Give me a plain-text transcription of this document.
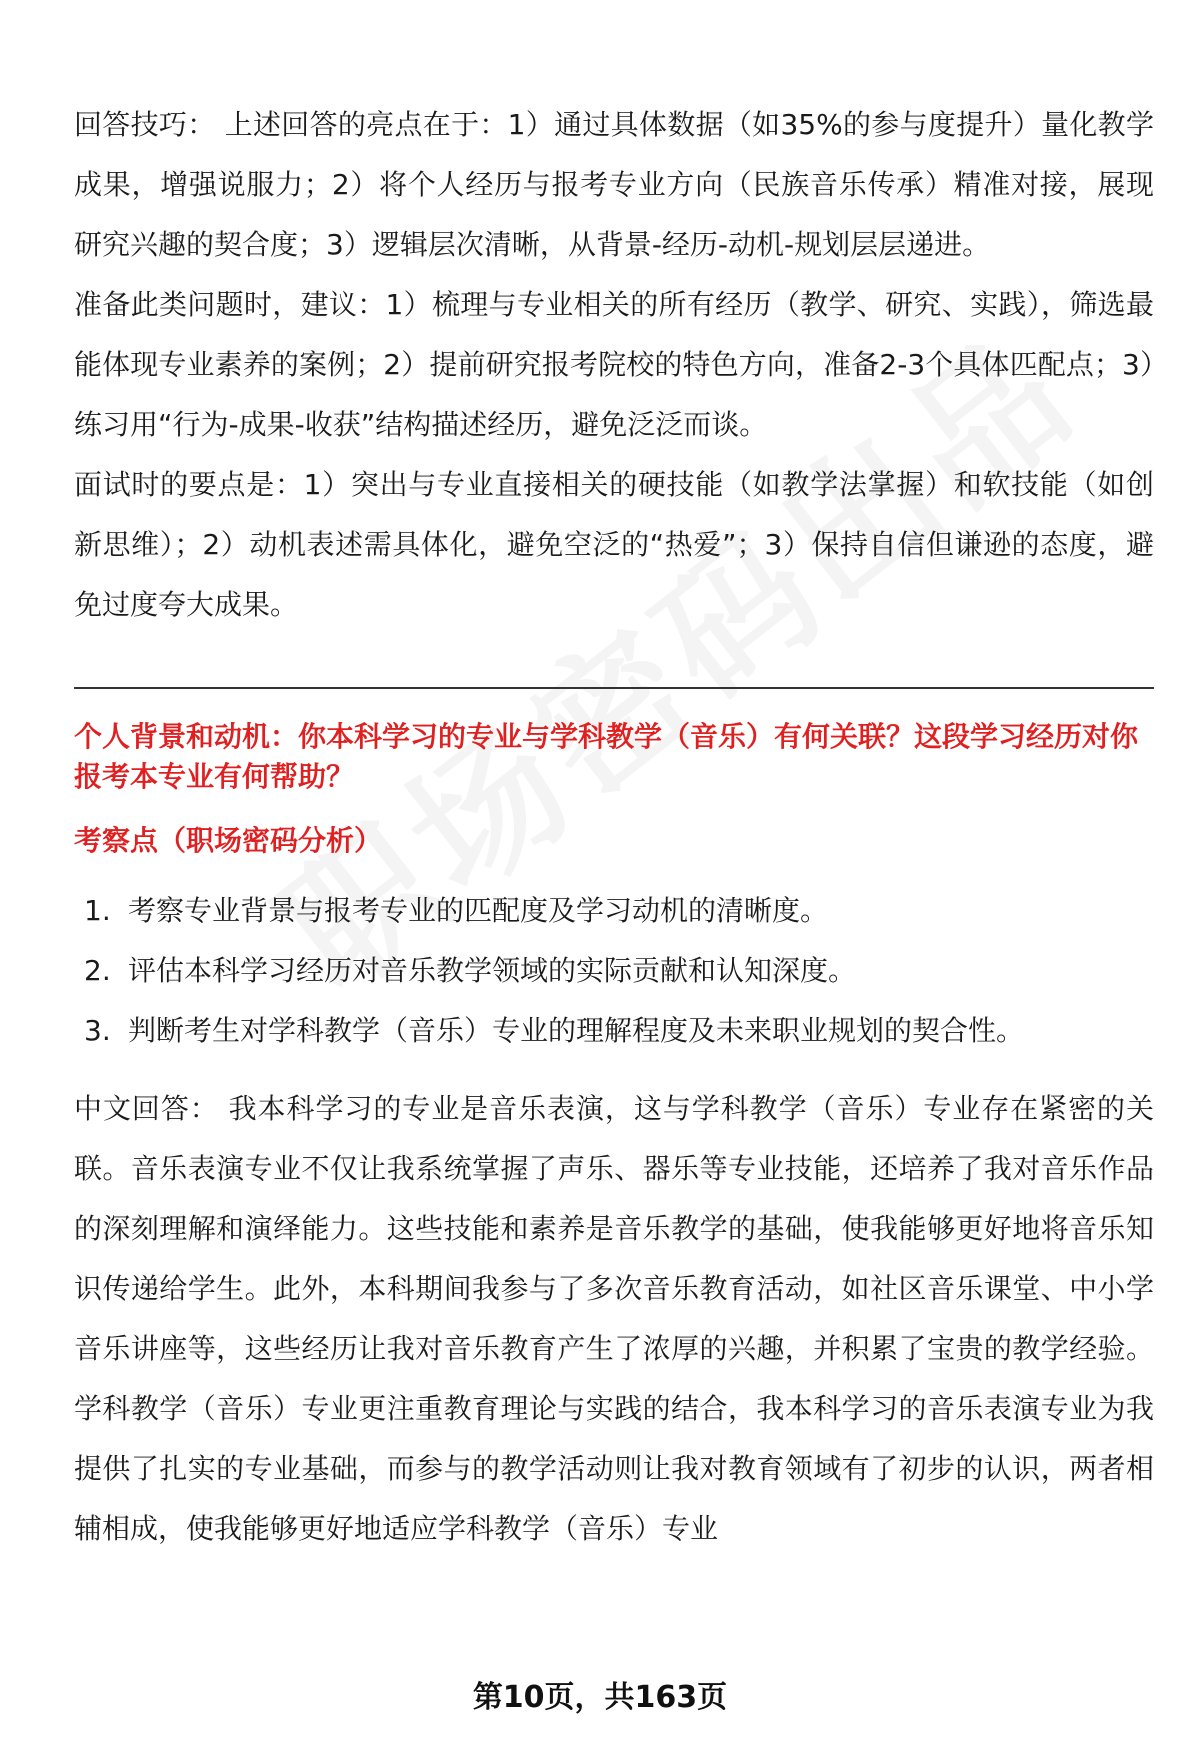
回答技巧： 上述回答的亮点在于：1）通过具体数据（如35%的参与度提升）量化教学成果，增强说服力；2）将个人经历与报考专业方向（民族音乐传承）精准对接，展现研究兴趣的契合度；3）逻辑层次清晰，从背景-经历-动机-规划层层递进。

准备此类问题时，建议：1）梳理与专业相关的所有经历（教学、研究、实践），筛选最能体现专业素养的案例；2）提前研究报考院校的特色方向，准备2-3个具体匹配点；3）练习用“行为-成果-收获”结构描述经历，避免泛泛而谈。

面试时的要点是：1）突出与专业直接相关的硬技能（如教学法掌握）和软技能（如创新思维）；2）动机表述需具体化，避免空泛的“热爱”；3）保持自信但谦逊的态度，避免过度夸大成果。

个人背景和动机：你本科学习的专业与学科教学（音乐）有何关联？这段学习经历对你报考本专业有何帮助？

考察点（职场密码分析）

1. 考察专业背景与报考专业的匹配度及学习动机的清晰度。
2. 评估本科学习经历对音乐教学领域的实际贡献和认知深度。
3. 判断考生对学科教学（音乐）专业的理解程度及未来职业规划的契合性。

中文回答： 我本科学习的专业是音乐表演，这与学科教学（音乐）专业存在紧密的关联。音乐表演专业不仅让我系统掌握了声乐、器乐等专业技能，还培养了我对音乐作品的深刻理解和演绎能力。这些技能和素养是音乐教学的基础，使我能够更好地将音乐知识传递给学生。此外，本科期间我参与了多次音乐教育活动，如社区音乐课堂、中小学音乐讲座等，这些经历让我对音乐教育产生了浓厚的兴趣，并积累了宝贵的教学经验。学科教学（音乐）专业更注重教育理论与实践的结合，我本科学习的音乐表演专业为我提供了扎实的专业基础，而参与的教学活动则让我对教育领域有了初步的认识，两者相辅相成，使我能够更好地适应学科教学（音乐）专业

第10页，共163页
